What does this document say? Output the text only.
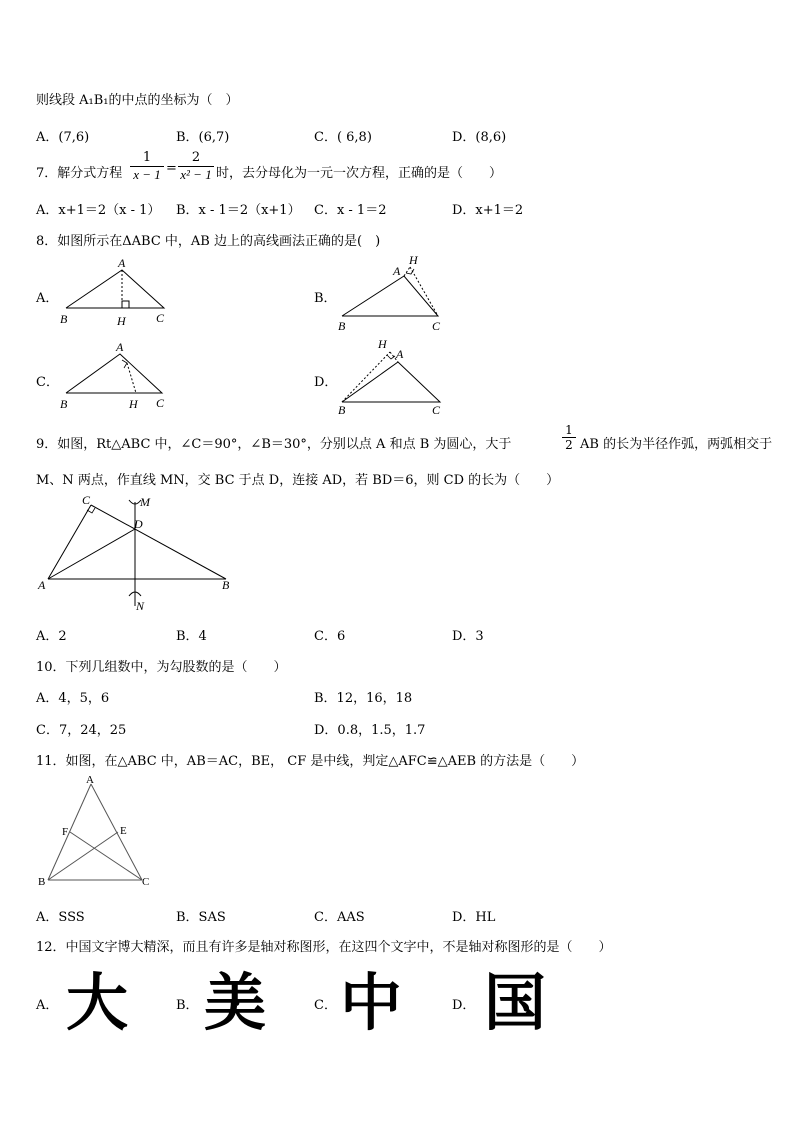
则线段 A₁B₁的中点的坐标为（　）
A．(7,6)	B．(6,7)	C．( 6,8)	D．(8,6)
7．解分式方程 $\frac{1}{x - 1} = \frac{2}{\text{x² − 1}}$ 时，去分母化为一元一次方程，正确的是（　　）
A．x+1＝2（x - 1） B．x - 1＝2（x+1） C．x - 1＝2	D．x+1＝2
8．如图所示在ΔABC 中，AB 边上的高线画法正确的是(　)
A．
A
B	H	C
B．
A
H
B	C
C．
A
B	H C
D．
H
A
B	C
9．如图，Rt△ABC 中，∠C＝90°，∠B＝30°，分别以点 A 和点 B 为圆心，大于	$\frac{1}{2}$ AB 的长为半径作弧，两弧相交于
M、N 两点，作直线 MN，交 BC 于点 D，连接 AD，若 BD＝6，则 CD 的长为（　　）
C	M
D
A	B
N
A．2	B．4	C．6	D．3
10．下列几组数中，为勾股数的是（　　）
A．4，5，6	B．12，16，18
C．7，24，25	D．0.8，1.5，1.7
11．如图，在△ABC 中，AB＝AC，BE， CF 是中线，判定△AFC≌△AEB 的方法是（　　）
A
F	E
B	C
A．SSS	B．SAS	C．AAS	D．HL
12．中国文字博大精深，而且有许多是轴对称图形，在这四个文字中，不是轴对称图形的是（　　）
A． 大	B． 美	C． 中	D． 国
